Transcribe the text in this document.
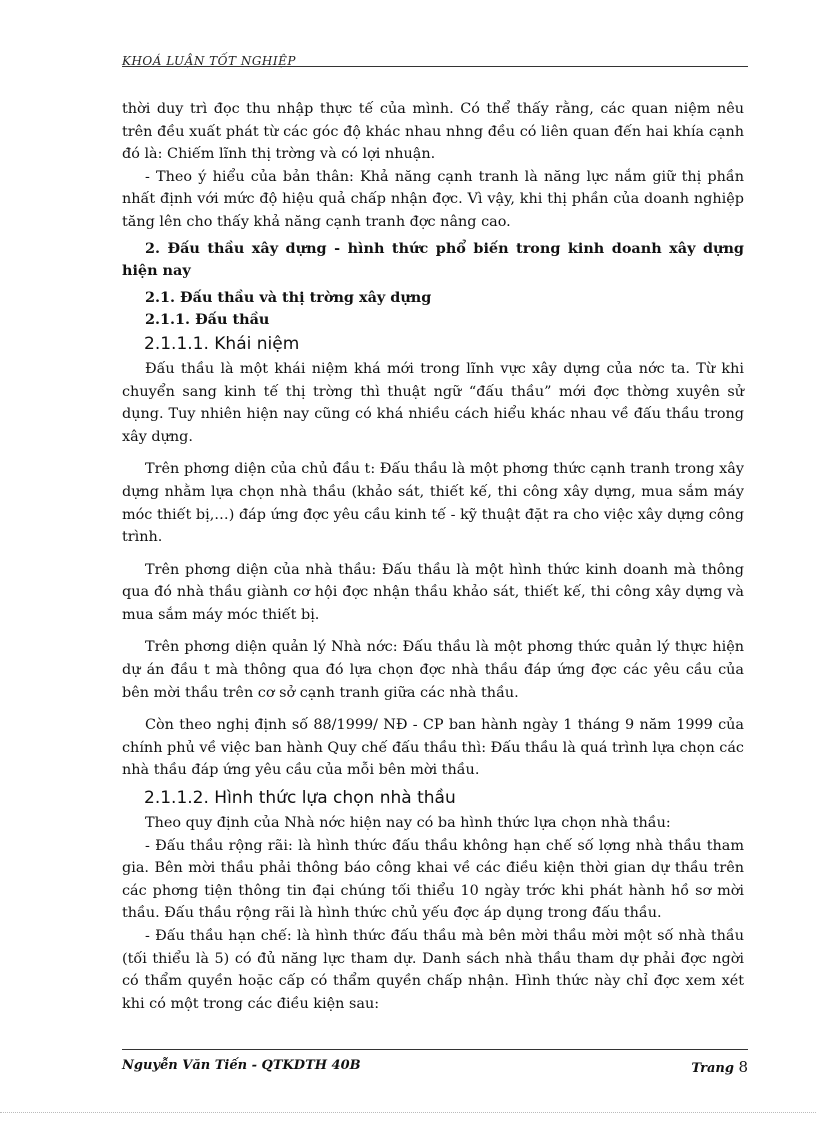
KHOÁ LUẬN TỐT NGHIỆP

thời duy trì đọc thu nhập thực tế của mình. Có thể thấy rằng, các quan niệm nêu trên đều xuất phát từ các góc độ khác nhau nhng đều có liên quan đến hai khía cạnh đó là: Chiếm lĩnh thị trờng và có lợi nhuận.

- Theo ý hiểu của bản thân: Khả năng cạnh tranh là năng lực nắm giữ thị phần nhất định với mức độ hiệu quả chấp nhận đợc. Vì vậy, khi thị phần của doanh nghiệp tăng lên cho thấy khả năng cạnh tranh đợc nâng cao.

2. Đấu thầu xây dựng - hình thức phổ biến trong kinh doanh xây dựng hiện nay

2.1. Đấu thầu và thị trờng xây dựng

2.1.1. Đấu thầu

2.1.1.1. Khái niệm

Đấu thầu là một khái niệm khá mới trong lĩnh vực xây dựng của nớc ta. Từ khi chuyển sang kinh tế thị trờng thì thuật ngữ “đấu thầu” mới đợc thờng xuyên sử dụng. Tuy nhiên hiện nay cũng có khá nhiều cách hiểu khác nhau về đấu thầu trong xây dựng.

Trên phơng diện của chủ đầu t: Đấu thầu là một phơng thức cạnh tranh trong xây dựng nhằm lựa chọn nhà thầu (khảo sát, thiết kế, thi công xây dựng, mua sắm máy móc thiết bị,…) đáp ứng đợc yêu cầu kinh tế - kỹ thuật đặt ra cho việc xây dựng công trình.

Trên phơng diện của nhà thầu: Đấu thầu là một hình thức kinh doanh mà thông qua đó nhà thầu giành cơ hội đợc nhận thầu khảo sát, thiết kế, thi công xây dựng và mua sắm máy móc thiết bị.

Trên phơng diện quản lý Nhà nớc: Đấu thầu là một phơng thức quản lý thực hiện dự án đầu t mà thông qua đó lựa chọn đợc nhà thầu đáp ứng đợc các yêu cầu của bên mời thầu trên cơ sở cạnh tranh giữa các nhà thầu.

Còn theo nghị định số 88/1999/ NĐ - CP ban hành ngày 1 tháng 9 năm 1999 của chính phủ về việc ban hành Quy chế đấu thầu thì: Đấu thầu là quá trình lựa chọn các nhà thầu đáp ứng yêu cầu của mỗi bên mời thầu.

2.1.1.2. Hình thức lựa chọn nhà thầu

Theo quy định của Nhà nớc hiện nay có ba hình thức lựa chọn nhà thầu:

- Đấu thầu rộng rãi: là hình thức đấu thầu không hạn chế số lợng nhà thầu tham gia. Bên mời thầu phải thông báo công khai về các điều kiện thời gian dự thầu trên các phơng tiện thông tin đại chúng tối thiểu 10 ngày trớc khi phát hành hồ sơ mời thầu. Đấu thầu rộng rãi là hình thức chủ yếu đợc áp dụng trong đấu thầu.

- Đấu thầu hạn chế: là hình thức đấu thầu mà bên mời thầu mời một số nhà thầu (tối thiểu là 5) có đủ năng lực tham dự. Danh sách nhà thầu tham dự phải đợc ngời có thẩm quyền hoặc cấp có thẩm quyền chấp nhận. Hình thức này chỉ đợc xem xét khi có một trong các điều kiện sau:

Nguyễn Văn Tiến - QTKDTH 40B	Trang 8
